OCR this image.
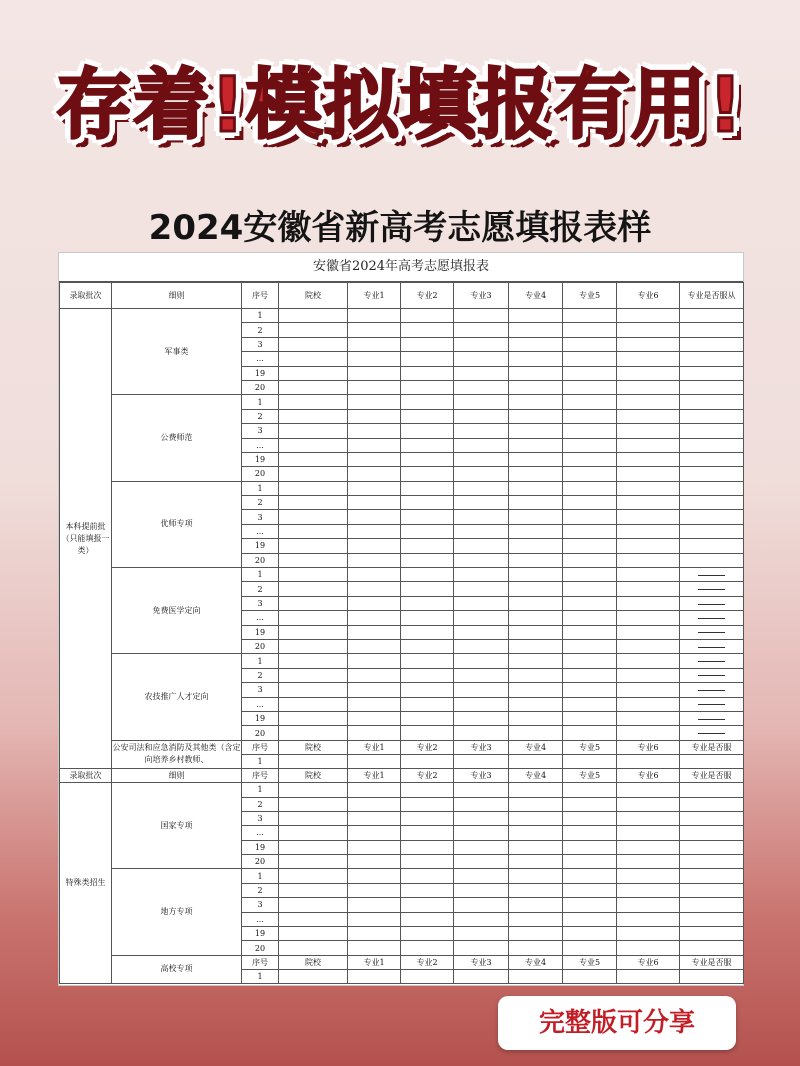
存着!模拟填报有用!
2024安徽省新高考志愿填报表样
安徽省2024年高考志愿填报表
录取批次	细则	序号	院校	专业1	专业2	专业3	专业4	专业5	专业6	专业是否服从
本科提前批（只能填报一类）	军事类	1								
		2								
		3								
		...								
		19								
		20								
	公费师范	1								
		2								
		3								
		...								
		19								
		20								
	优师专项	1								
		2								
		3								
		...								
		19								
		20								
	免费医学定向	1								
		2								
		3								
		...								
		19								
		20								
	农技推广人才定向	1								
		2								
		3								
		...								
		19								
		20								
	公安司法和应急消防及其他类（含定向培养乡村教师、	序号	院校	专业1	专业2	专业3	专业4	专业5	专业6	专业是否服
		1								
录取批次	细则	序号	院校	专业1	专业2	专业3	专业4	专业5	专业6	专业是否服
特殊类招生	国家专项	1								
		2								
		3								
		...								
		19								
		20								
	地方专项	1								
		2								
		3								
		...								
		19								
		20								
	高校专项	序号	院校	专业1	专业2	专业3	专业4	专业5	专业6	专业是否服
		1								
完整版可分享
